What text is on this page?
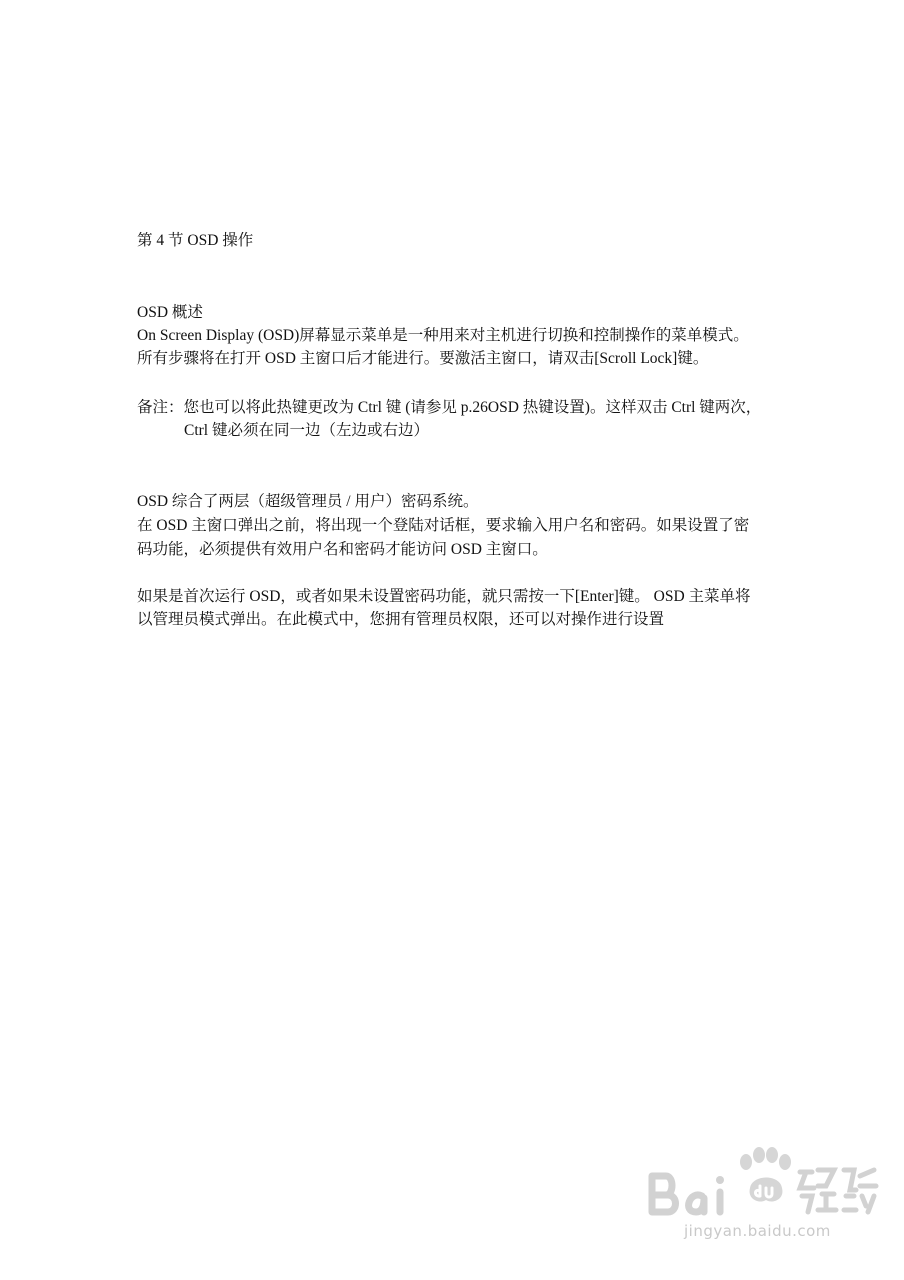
第 4 节 OSD 操作
OSD 概述
On Screen Display (OSD)屏幕显示菜单是一种用来对主机进行切换和控制操作的菜单模式。
所有步骤将在打开 OSD 主窗口后才能进行。要激活主窗口，请双击[Scroll Lock]键。
备注：您也可以将此热键更改为 Ctrl 键 (请参见 p.26OSD 热键设置)。这样双击 Ctrl 键两次，
Ctrl 键必须在同一边（左边或右边）
OSD 综合了两层（超级管理员 / 用户）密码系统。
在 OSD 主窗口弹出之前，将出现一个登陆对话框，要求输入用户名和密码。如果设置了密
码功能，必须提供有效用户名和密码才能访问 OSD 主窗口。
如果是首次运行 OSD，或者如果未设置密码功能，就只需按一下[Enter]键。 OSD 主菜单将
以管理员模式弹出。在此模式中，您拥有管理员权限，还可以对操作进行设置
jingyan.baidu.com
